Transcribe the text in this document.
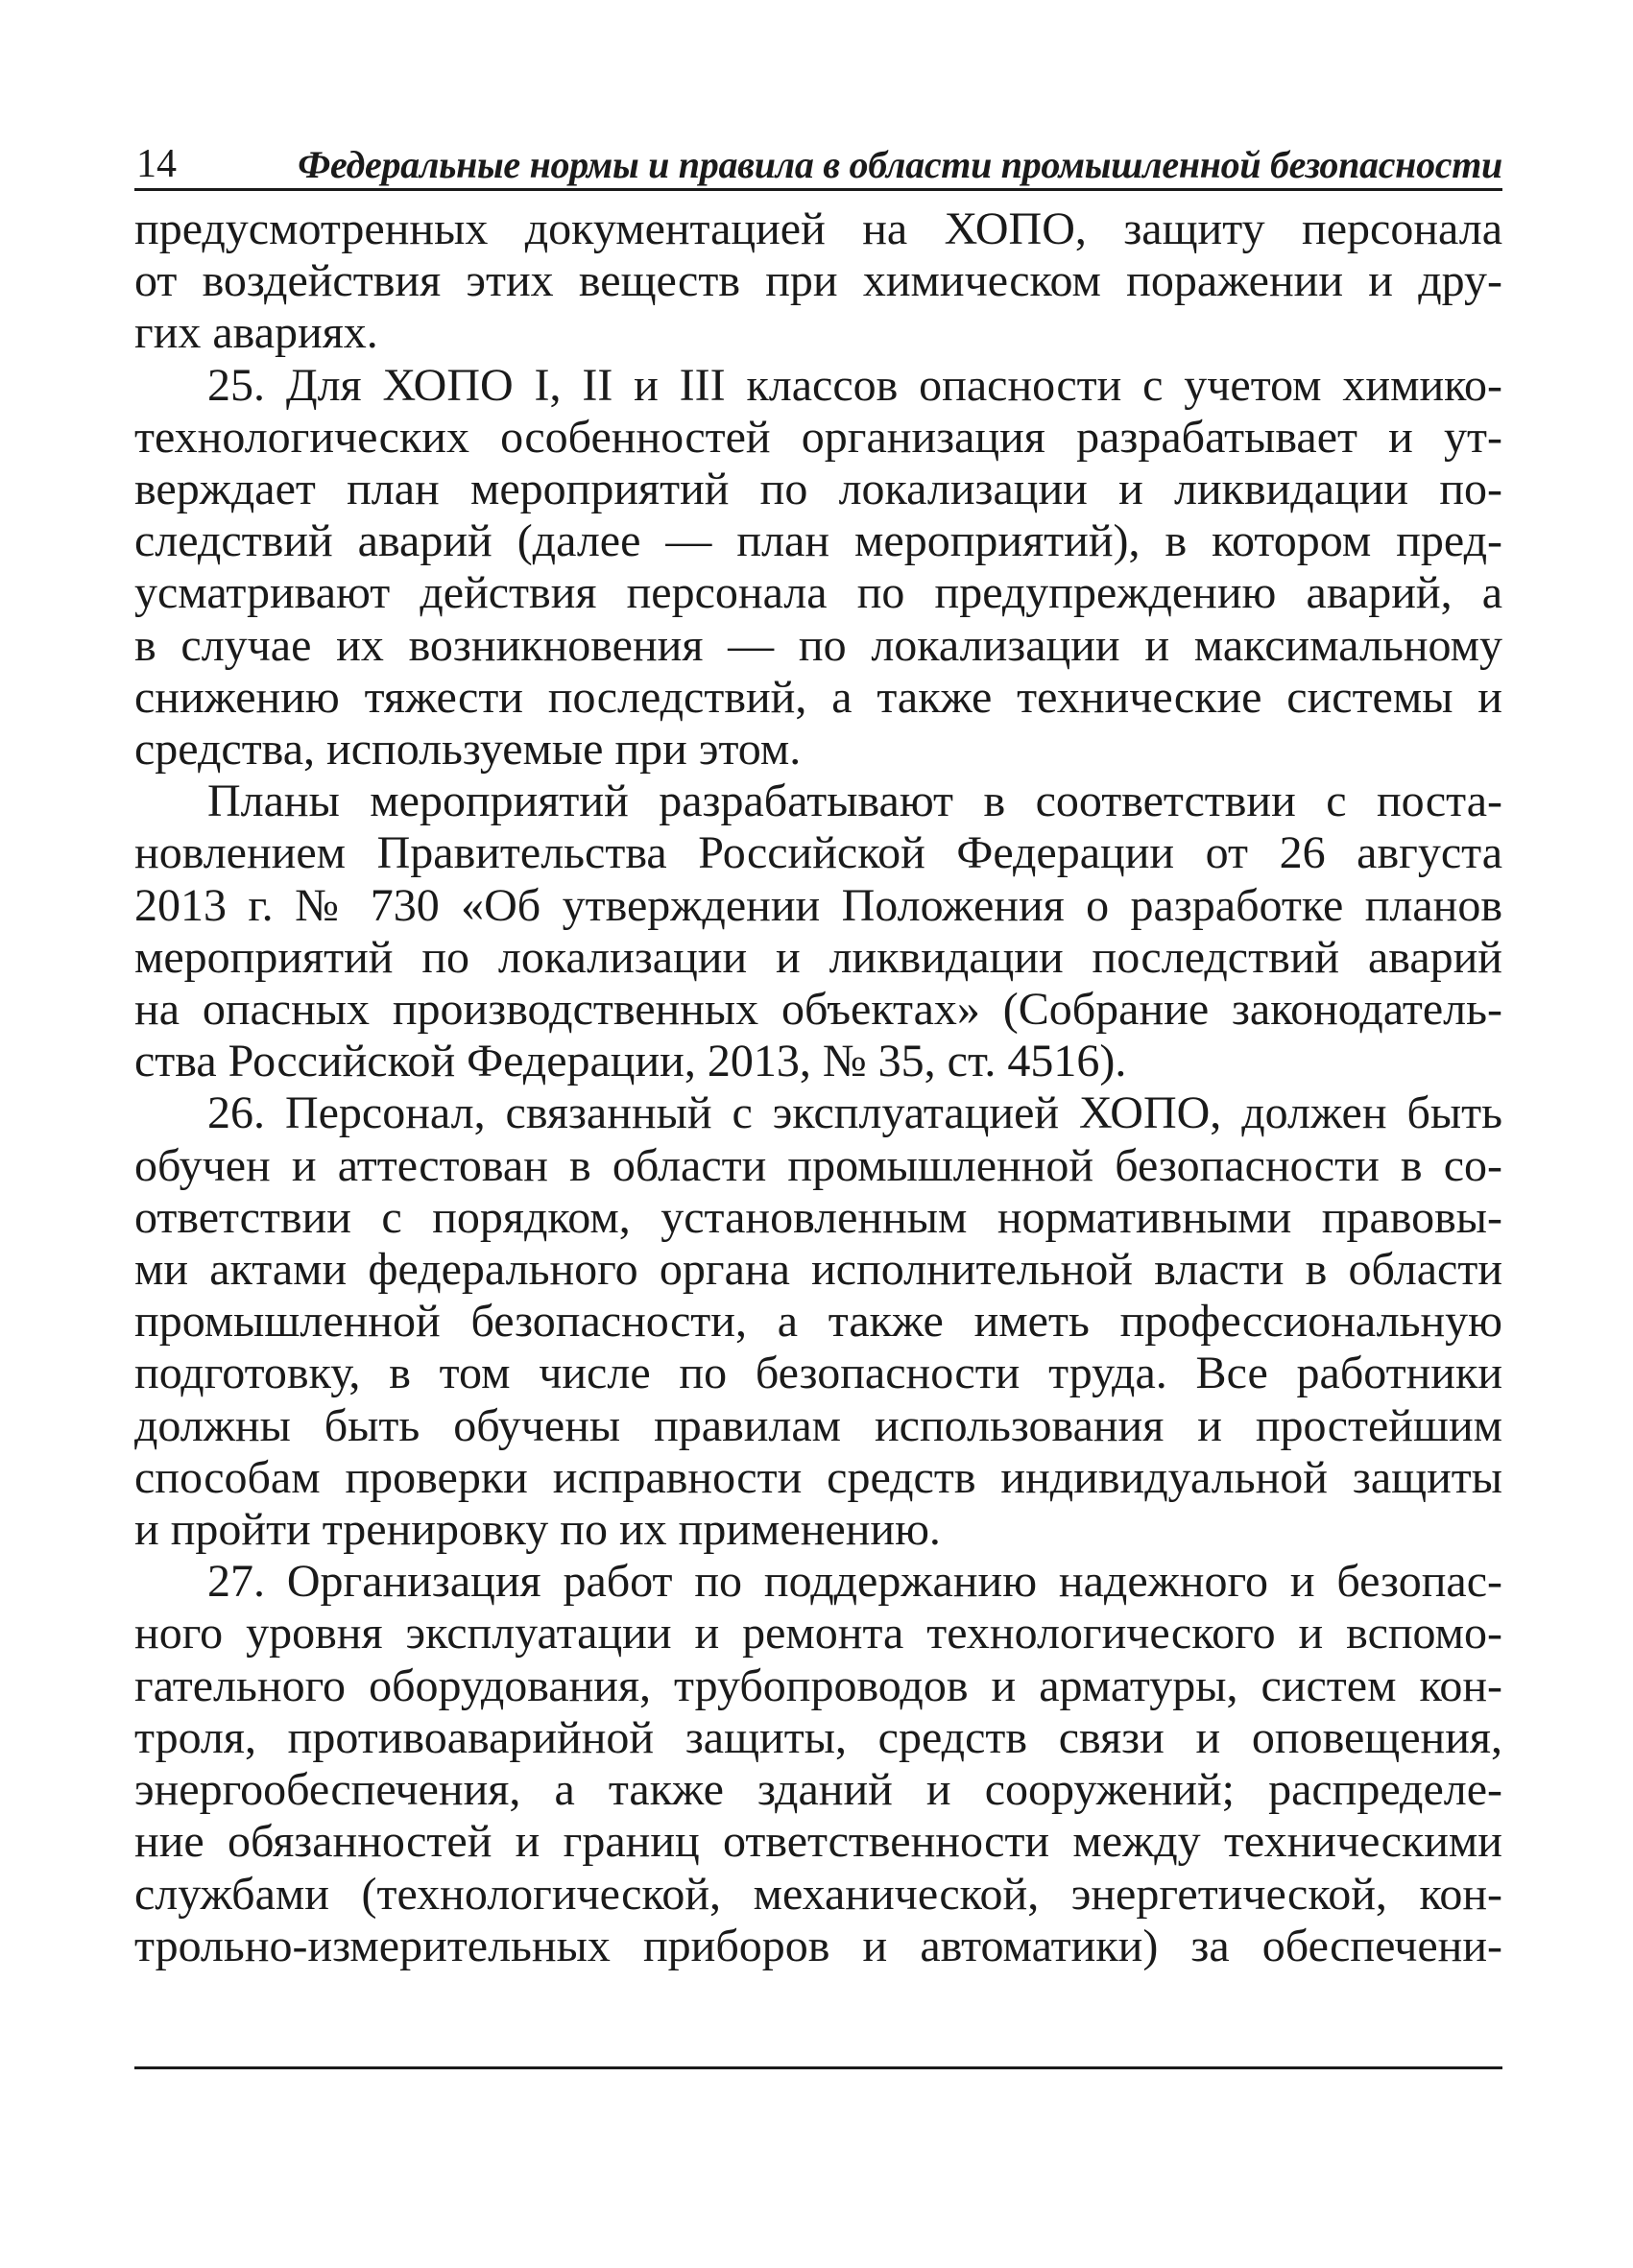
14	Федеральные нормы и правила в области промышленной безопасности

предусмотренных документацией на ХОПО, защиту персонала
от воздействия этих веществ при химическом поражении и дру-
гих авариях.

25. Для ХОПО I, II и III классов опасности с учетом химико-
технологических особенностей организация разрабатывает и ут-
верждает план мероприятий по локализации и ликвидации по-
следствий аварий (далее — план мероприятий), в котором пред-
усматривают действия персонала по предупреждению аварий, а
в случае их возникновения — по локализации и максимальному
снижению тяжести последствий, а также технические системы и
средства, используемые при этом.

Планы мероприятий разрабатывают в соответствии с поста-
новлением Правительства Российской Федерации от 26 августа
2013 г. № 730 «Об утверждении Положения о разработке планов
мероприятий по локализации и ликвидации последствий аварий
на опасных производственных объектах» (Собрание законодатель-
ства Российской Федерации, 2013, № 35, ст. 4516).

26. Персонал, связанный с эксплуатацией ХОПО, должен быть
обучен и аттестован в области промышленной безопасности в со-
ответствии с порядком, установленным нормативными правовы-
ми актами федерального органа исполнительной власти в области
промышленной безопасности, а также иметь профессиональную
подготовку, в том числе по безопасности труда. Все работники
должны быть обучены правилам использования и простейшим
способам проверки исправности средств индивидуальной защиты
и пройти тренировку по их применению.

27. Организация работ по поддержанию надежного и безопас-
ного уровня эксплуатации и ремонта технологического и вспомо-
гательного оборудования, трубопроводов и арматуры, систем кон-
троля, противоаварийной защиты, средств связи и оповещения,
энергообеспечения, а также зданий и сооружений; распределе-
ние обязанностей и границ ответственности между техническими
службами (технологической, механической, энергетической, кон-
трольно-измерительных приборов и автоматики) за обеспечени-
